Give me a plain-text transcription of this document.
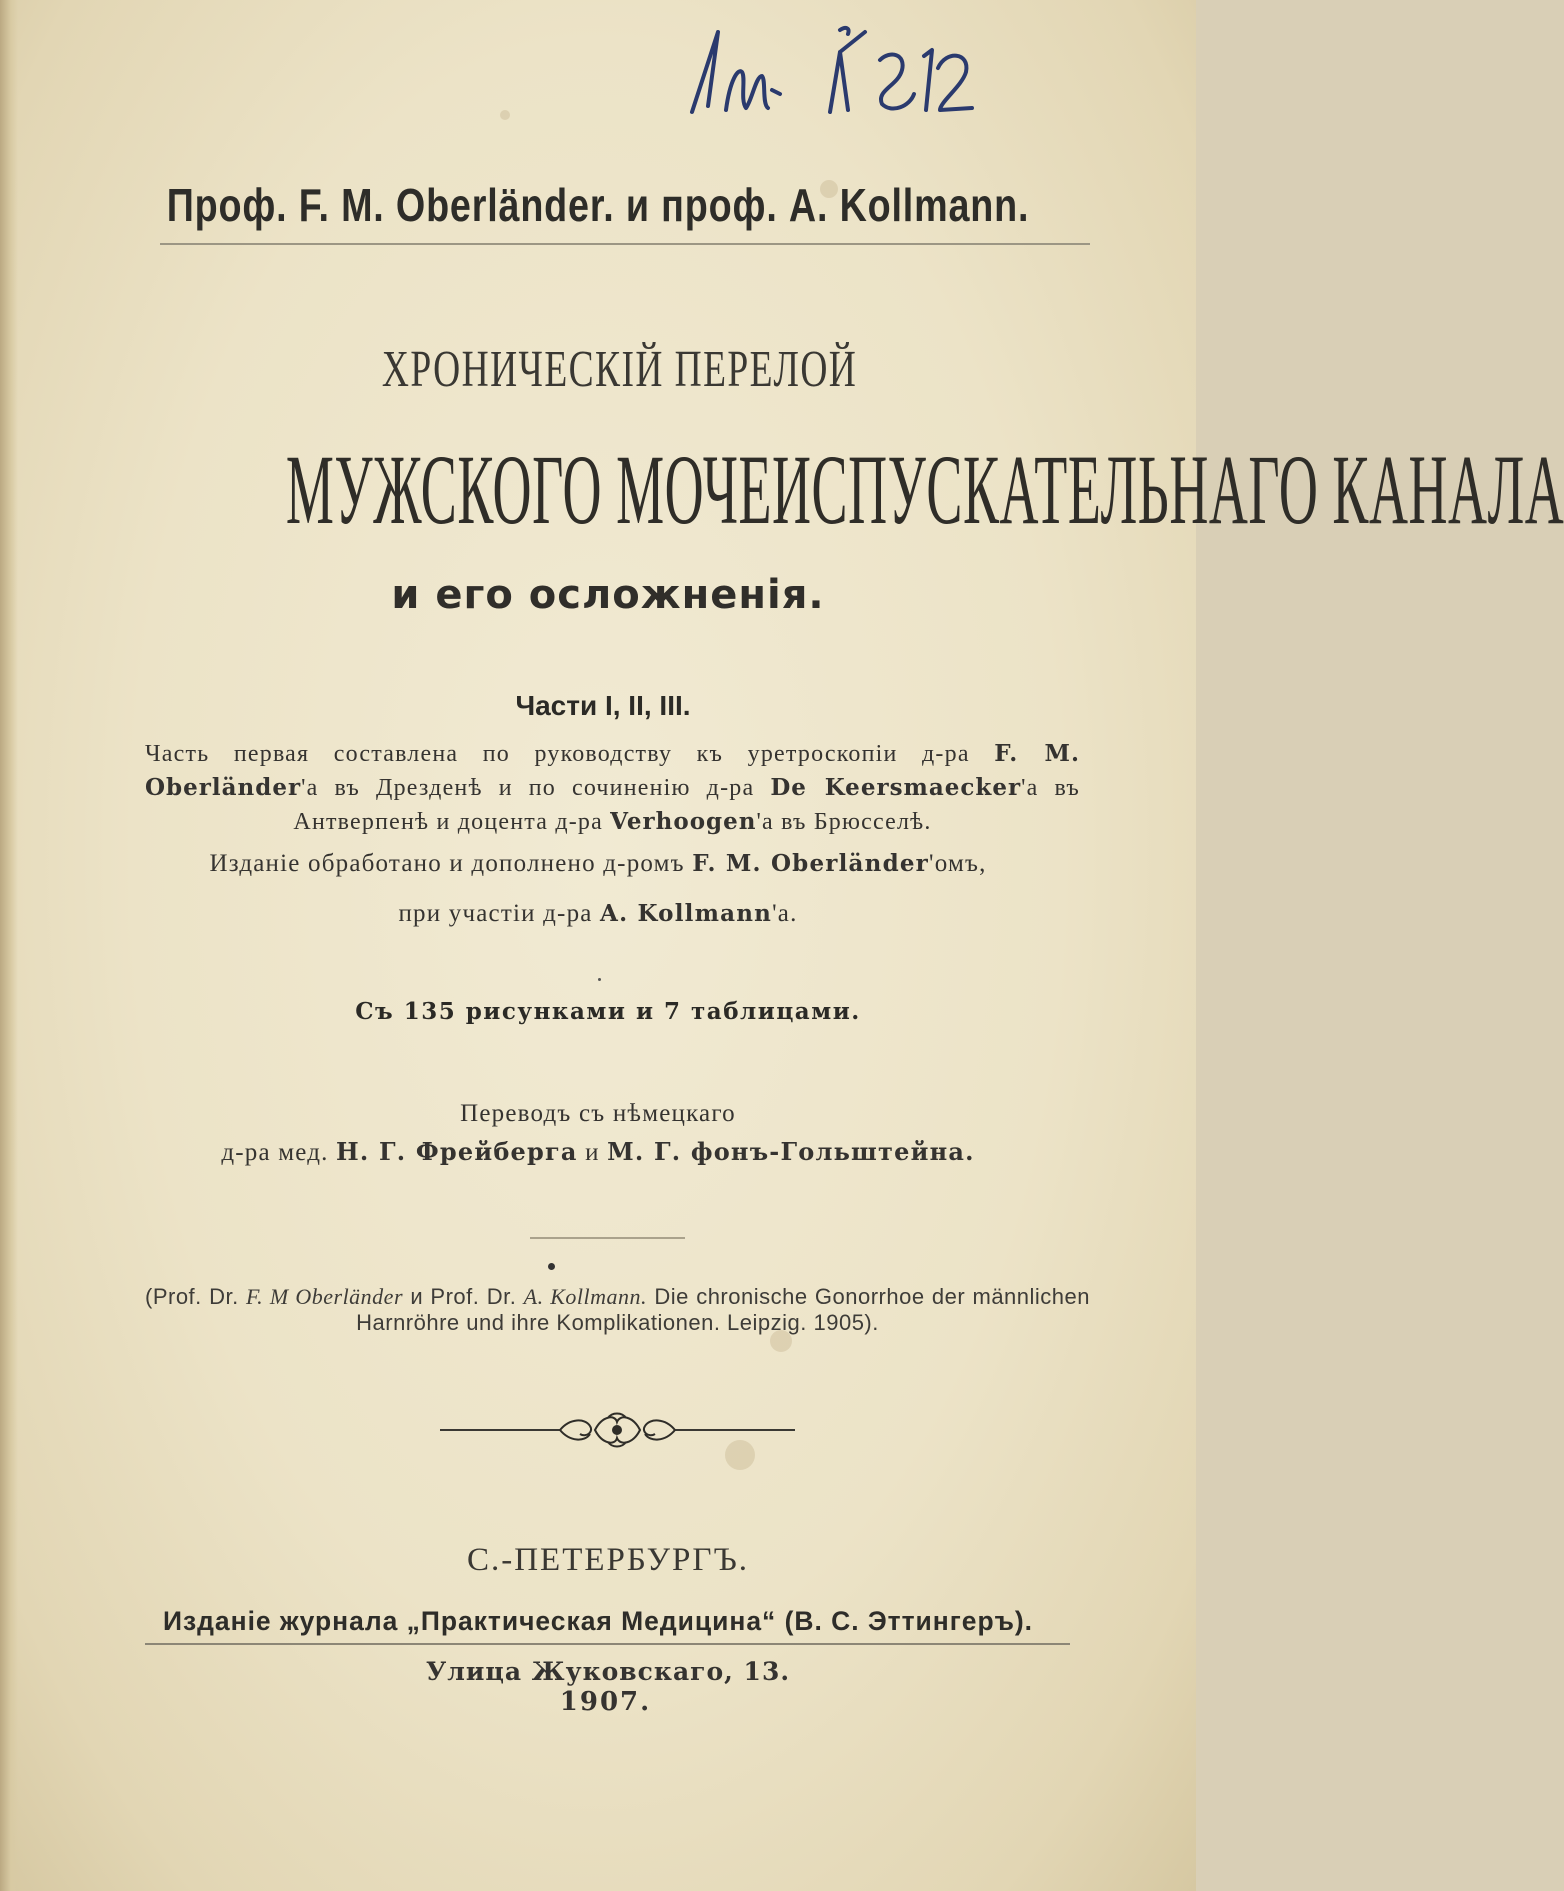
Проф. F. M. Oberländer. и проф. A. Kollmann.
ХРОНИЧЕСКІЙ ПЕРЕЛОЙ
МУЖСКОГО МОЧЕИСПУСКАТЕЛЬНАГО КАНАЛА
и его осложненія.
Части I, II, III.
Часть первая составлена по руководству къ уретроскопіи д-ра F. M. Oberländer'а въ Дрезденѣ и по сочиненію д-ра De Keersmaecker'а въ Антверпенѣ и доцента д-ра Verhoogen'а въ Брюсселѣ.
Изданіе обработано и дополнено д-ромъ F. M. Oberländer'омъ,
при участіи д-ра A. Kollmann'а.
Съ 135 рисунками и 7 таблицами.
Переводъ съ нѣмецкаго
д-ра мед. Н. Г. Фрейберга и М. Г. фонъ-Гольштейна.
(Prof. Dr. F. M Oberländer и Prof. Dr. A. Kollmann. Die chronische Gonorrhoe der männlichen Harnröhre und ihre Komplikationen. Leipzig. 1905).
С.-ПЕТЕРБУРГЪ.
Изданіе журнала „Практическая Медицина“ (В. С. Эттингеръ).
Улица Жуковскаго, 13.
1907.
